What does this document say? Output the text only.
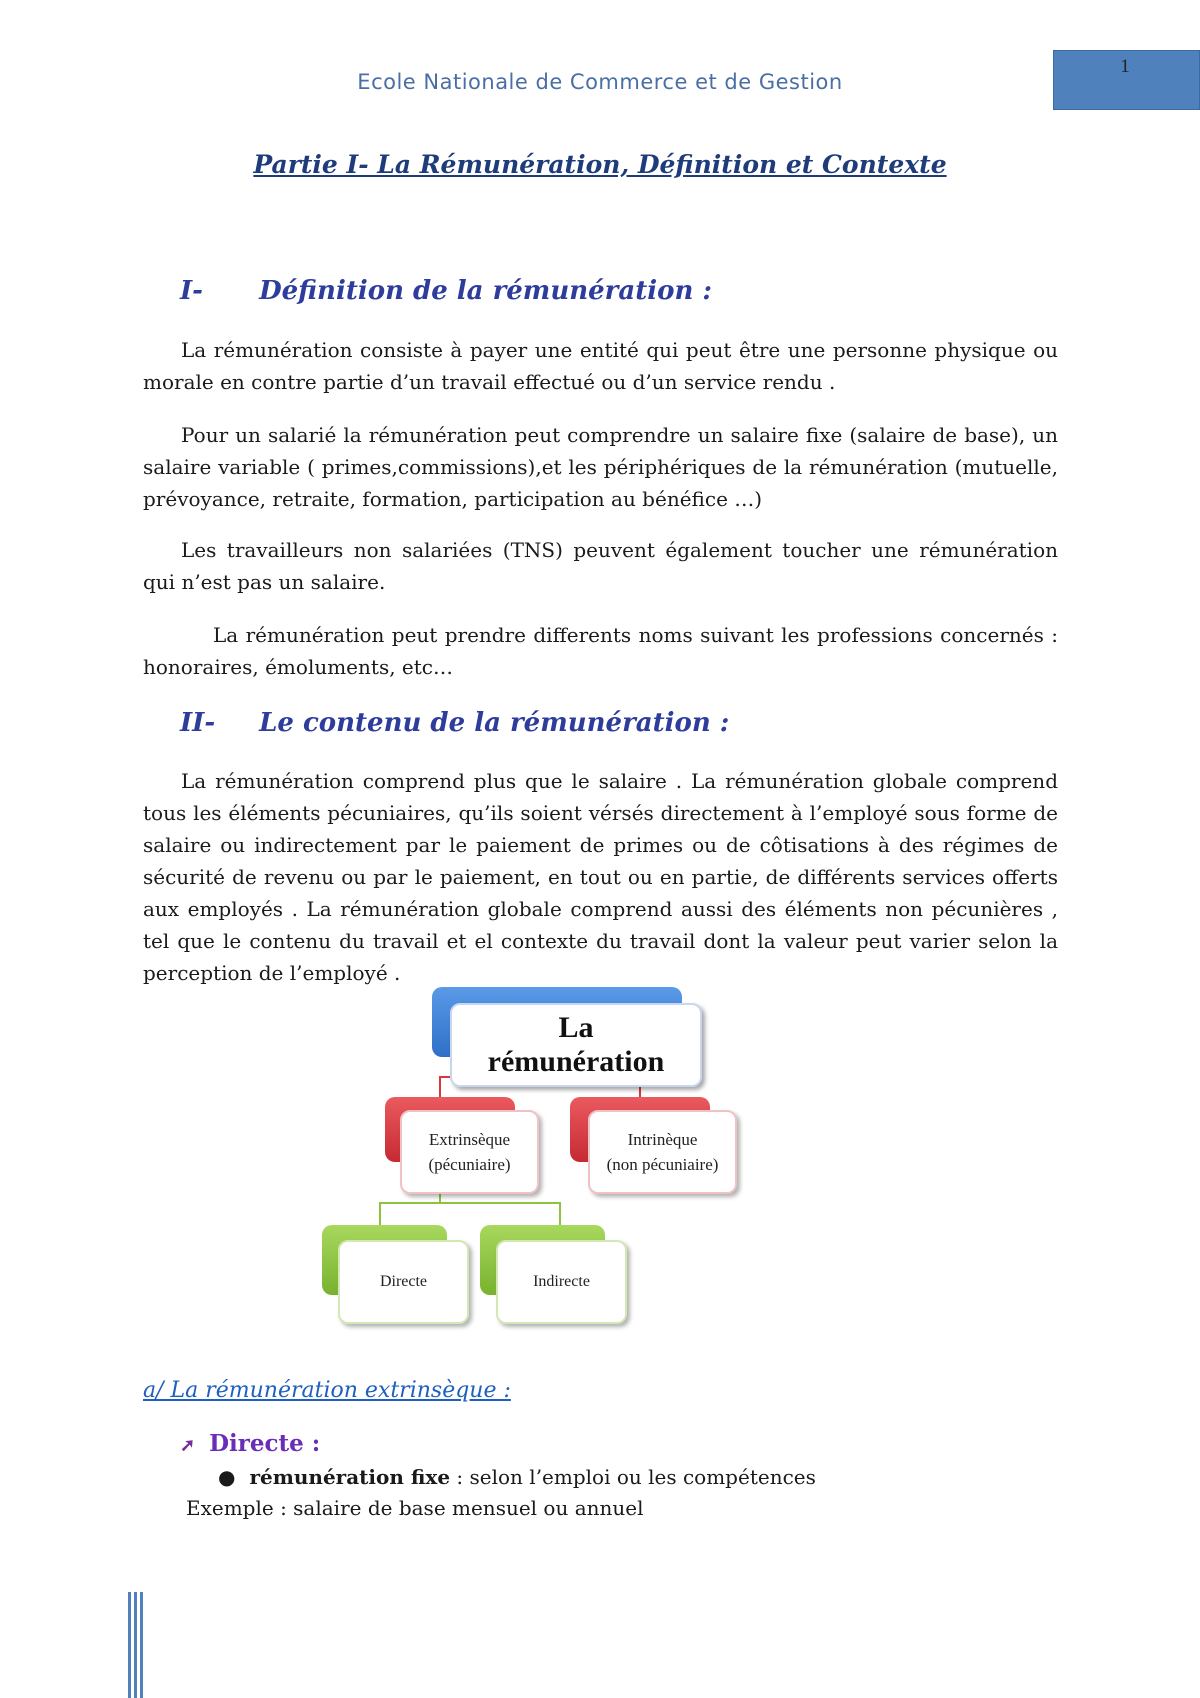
Ecole Nationale de Commerce et de Gestion
1
Partie I- La Rémunération, Définition et Contexte
I- Définition de la rémunération :
La rémunération consiste à payer une entité qui peut être une personne physique ou morale en contre partie d’un travail effectué ou d’un service rendu .
Pour un salarié la rémunération peut comprendre un salaire fixe (salaire de base), un salaire variable ( primes,commissions),et les périphériques de la rémunération (mutuelle, prévoyance, retraite, formation, participation au bénéfice …)
Les travailleurs non salariées (TNS) peuvent également toucher une rémunération qui n’est pas un salaire.
La rémunération peut prendre differents noms suivant les professions concernés : honoraires, émoluments, etc…
II- Le contenu de la rémunération :
La rémunération comprend plus que le salaire . La rémunération globale comprend tous les éléments pécuniaires, qu’ils soient vérsés directement à l’employé sous forme de salaire ou indirectement par le paiement de primes ou de côtisations à des régimes de sécurité de revenu ou par le paiement, en tout ou en partie, de différents services offerts aux employés . La rémunération globale comprend aussi des éléments non pécunières , tel que le contenu du travail et el contexte du travail dont la valeur peut varier selon la perception de l’employé .
La
rémunération
Extrinsèque
(pécuniaire)
Intrinèque
(non pécuniaire)
Directe	Indirecte
a/ La rémunération extrinsèque :
➚ Directe :
● rémunération fixe : selon l’emploi ou les compétences
Exemple : salaire de base mensuel ou annuel
